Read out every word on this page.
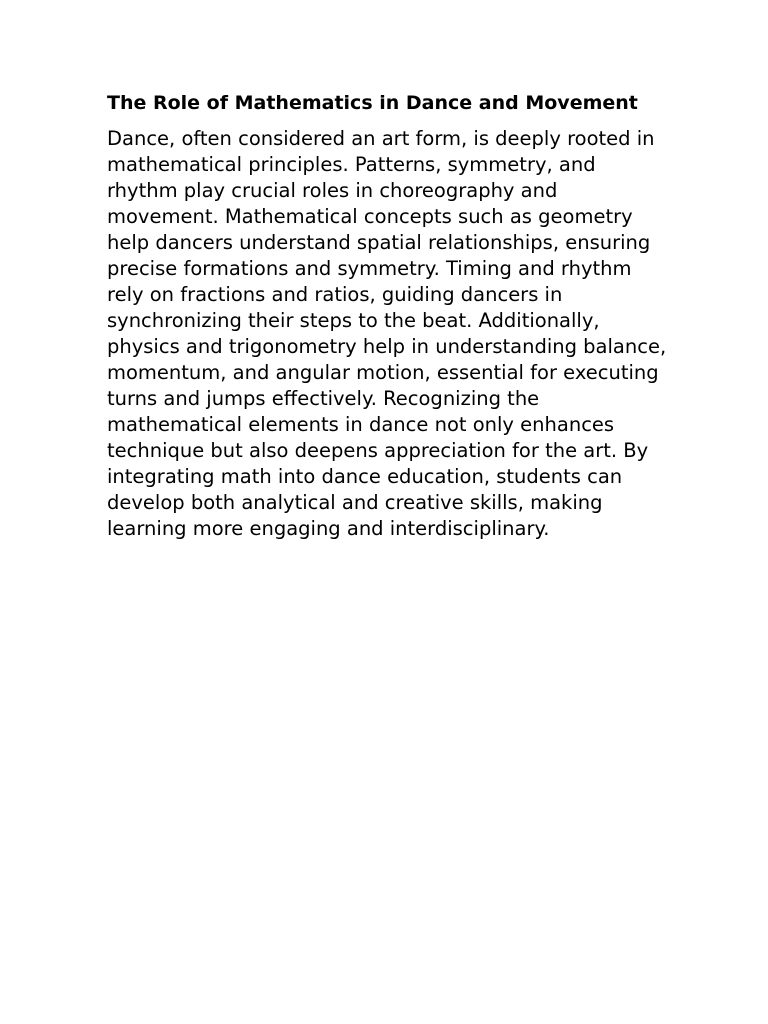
The Role of Mathematics in Dance and Movement

Dance, often considered an art form, is deeply rooted in mathematical principles. Patterns, symmetry, and rhythm play crucial roles in choreography and movement. Mathematical concepts such as geometry help dancers understand spatial relationships, ensuring precise formations and symmetry. Timing and rhythm rely on fractions and ratios, guiding dancers in synchronizing their steps to the beat. Additionally, physics and trigonometry help in understanding balance, momentum, and angular motion, essential for executing turns and jumps effectively. Recognizing the mathematical elements in dance not only enhances technique but also deepens appreciation for the art. By integrating math into dance education, students can develop both analytical and creative skills, making learning more engaging and interdisciplinary.
